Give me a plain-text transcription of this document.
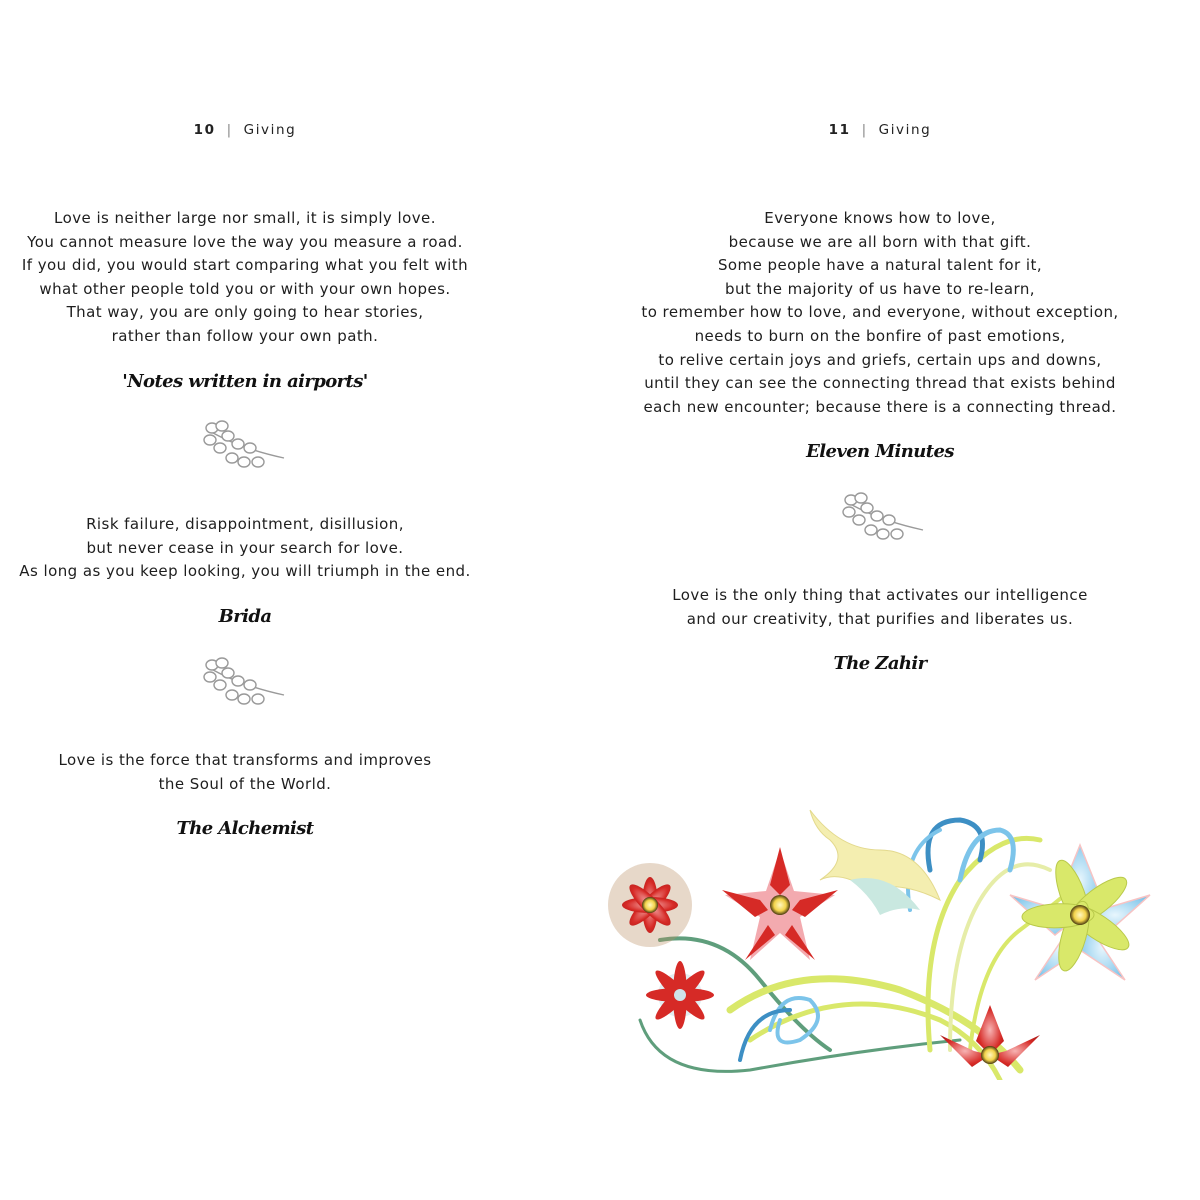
10 | Giving
Love is neither large nor small, it is simply love.
You cannot measure love the way you measure a road.
If you did, you would start comparing what you felt with
what other people told you or with your own hopes.
That way, you are only going to hear stories,
rather than follow your own path.
'Notes written in airports'
Risk failure, disappointment, disillusion,
but never cease in your search for love.
As long as you keep looking, you will triumph in the end.
Brida
Love is the force that transforms and improves
the Soul of the World.
The Alchemist
11 | Giving
Everyone knows how to love,
because we are all born with that gift.
Some people have a natural talent for it,
but the majority of us have to re-learn,
to remember how to love, and everyone, without exception,
needs to burn on the bonfire of past emotions,
to relive certain joys and griefs, certain ups and downs,
until they can see the connecting thread that exists behind
each new encounter; because there is a connecting thread.
Eleven Minutes
Love is the only thing that activates our intelligence
and our creativity, that purifies and liberates us.
The Zahir
